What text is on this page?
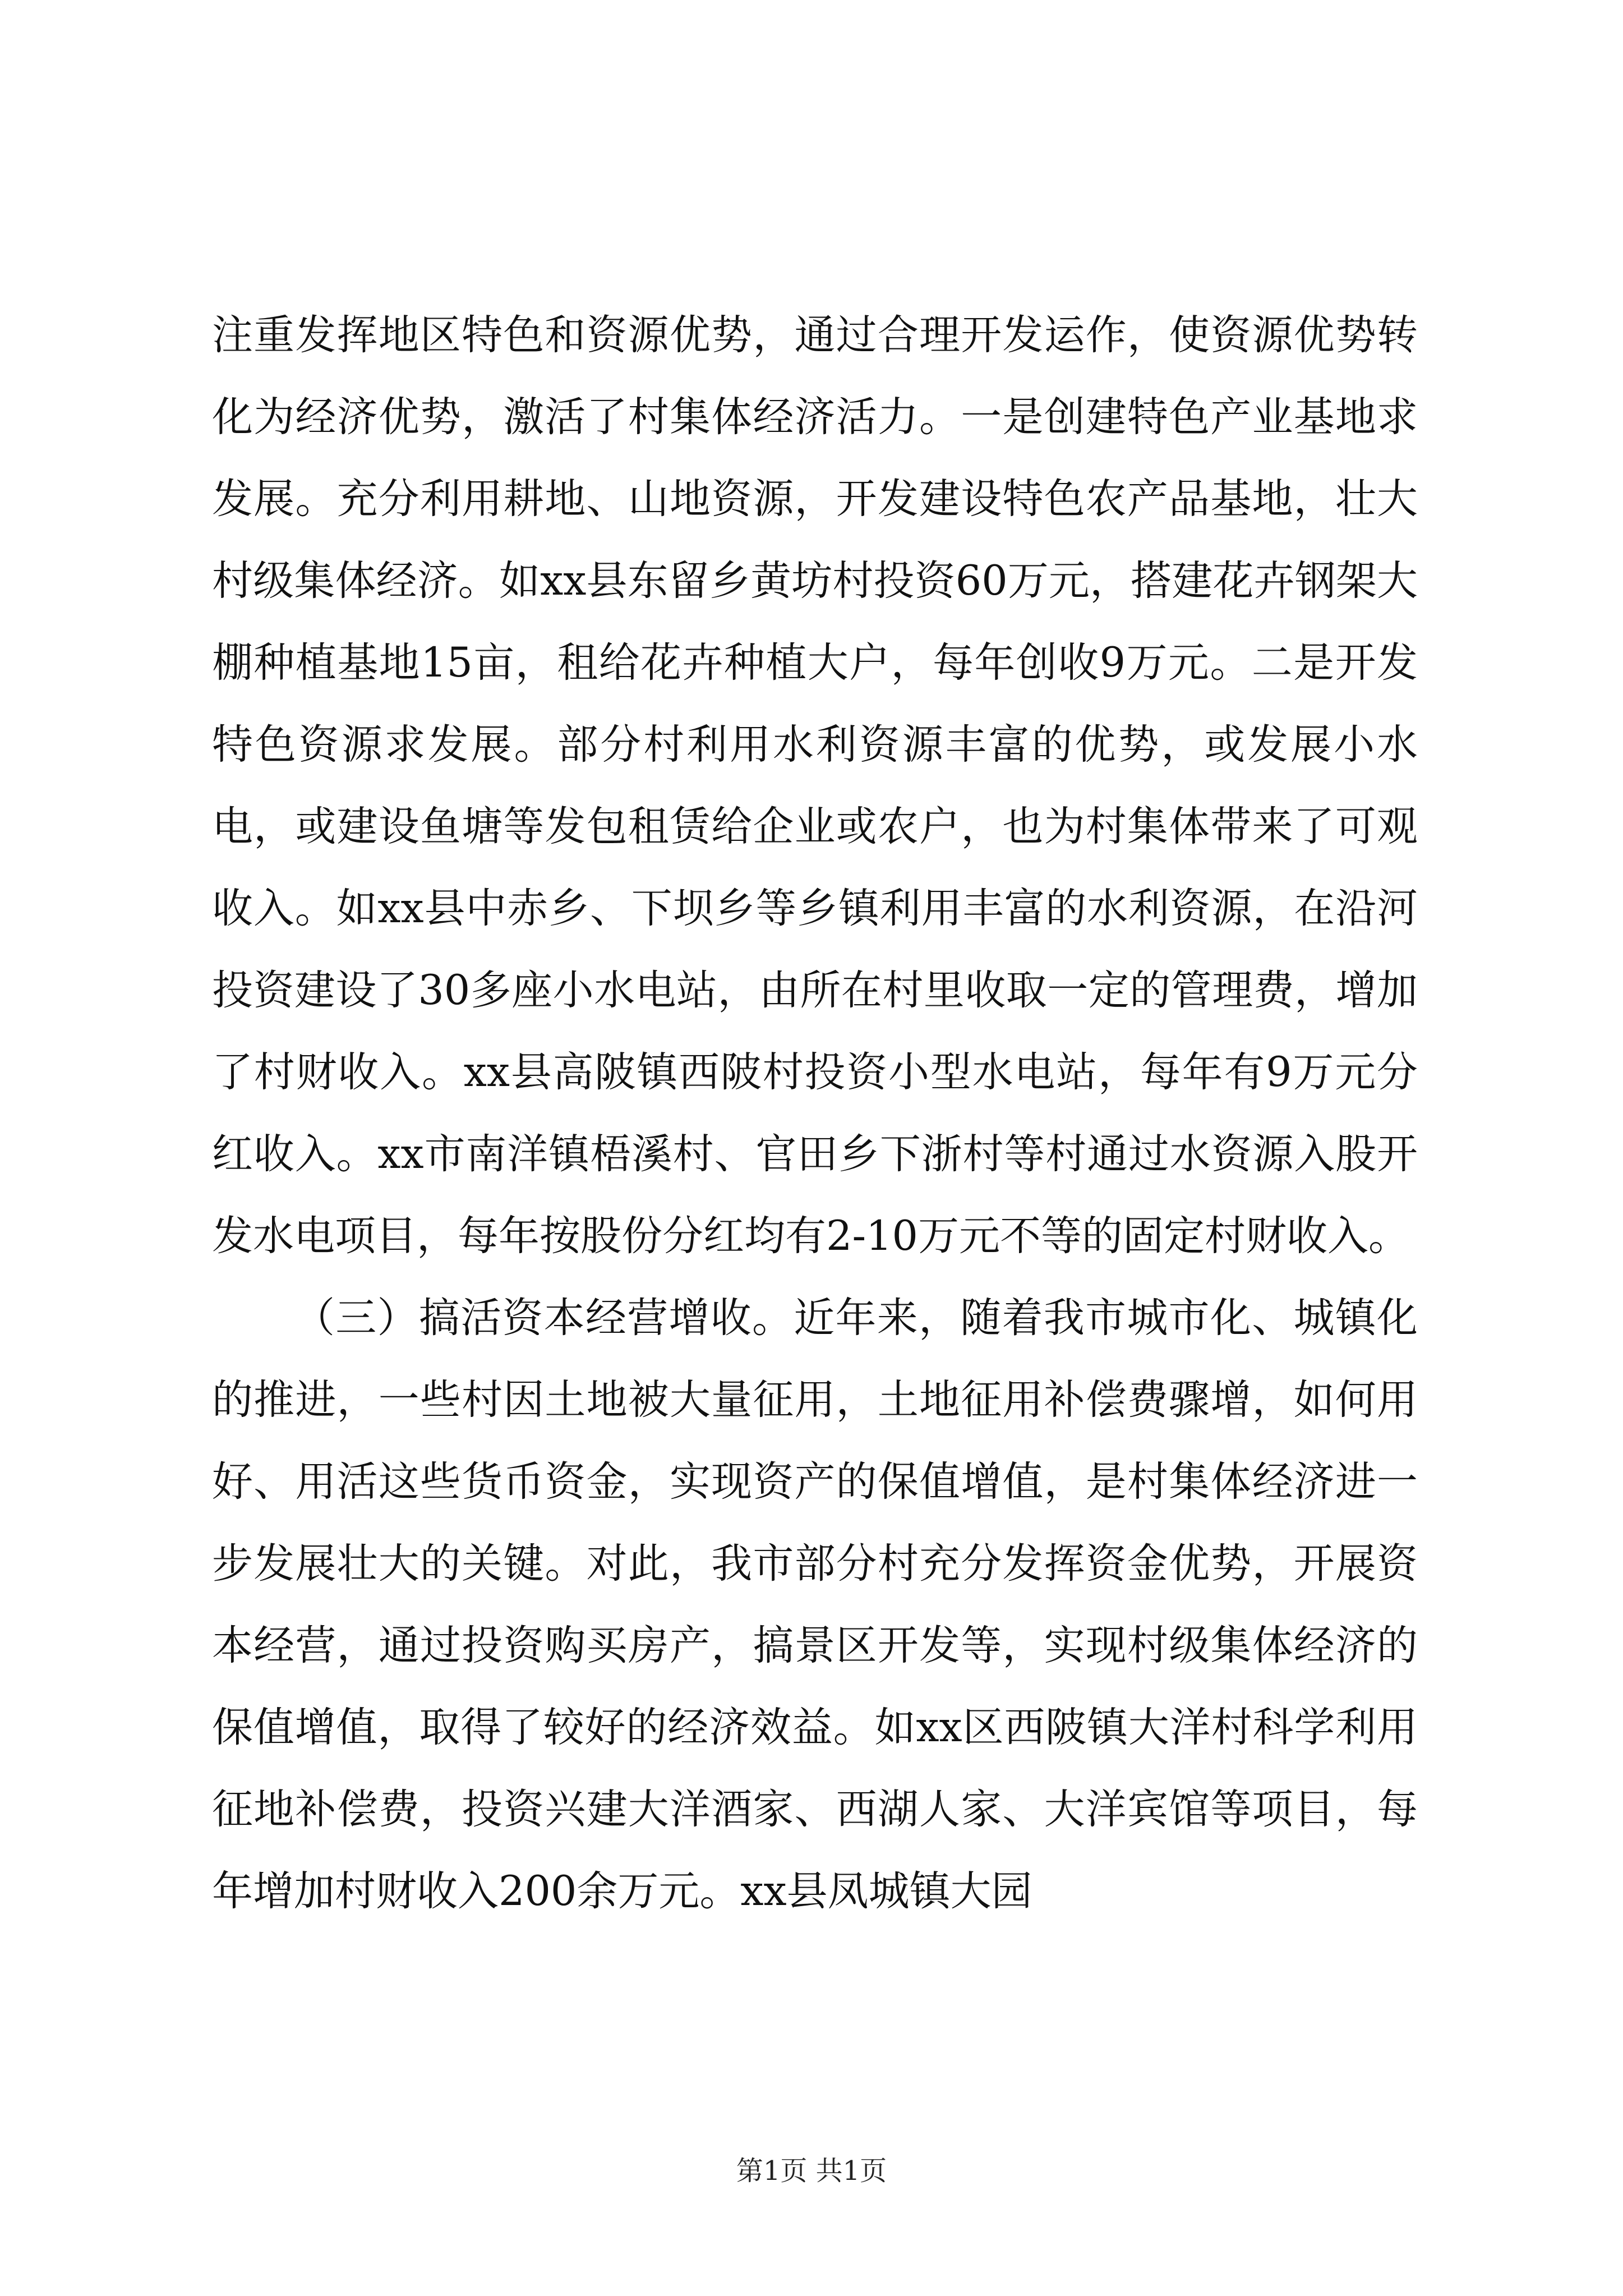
注重发挥地区特色和资源优势，通过合理开发运作，使资源优势转化为经济优势，激活了村集体经济活力。一是创建特色产业基地求发展。充分利用耕地、山地资源，开发建设特色农产品基地，壮大村级集体经济。如xx县东留乡黄坊村投资60万元，搭建花卉钢架大棚种植基地15亩，租给花卉种植大户，每年创收9万元。二是开发特色资源求发展。部分村利用水利资源丰富的优势，或发展小水电，或建设鱼塘等发包租赁给企业或农户，也为村集体带来了可观收入。如xx县中赤乡、下坝乡等乡镇利用丰富的水利资源，在沿河投资建设了30多座小水电站，由所在村里收取一定的管理费，增加了村财收入。xx县高陂镇西陂村投资小型水电站，每年有9万元分红收入。xx市南洋镇梧溪村、官田乡下浙村等村通过水资源入股开发水电项目，每年按股份分红均有2-10万元不等的固定村财收入。

（三）搞活资本经营增收。近年来，随着我市城市化、城镇化的推进，一些村因土地被大量征用，土地征用补偿费骤增，如何用好、用活这些货币资金，实现资产的保值增值，是村集体经济进一步发展壮大的关键。对此，我市部分村充分发挥资金优势，开展资本经营，通过投资购买房产，搞景区开发等，实现村级集体经济的保值增值，取得了较好的经济效益。如xx区西陂镇大洋村科学利用征地补偿费，投资兴建大洋酒家、西湖人家、大洋宾馆等项目，每年增加村财收入200余万元。xx县凤城镇大园

第1页 共1页
